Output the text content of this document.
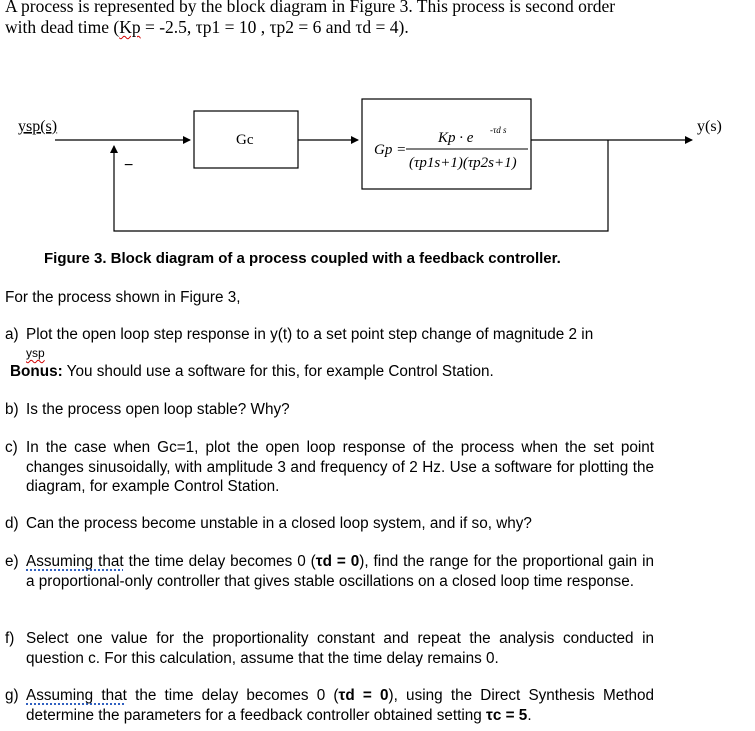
A process is represented by the block diagram in Figure 3. This process is second order
with dead time (Kp = -2.5, τp1 = 10 , τp2 = 6 and τd = 4).
ysp(s)	y(s)
−
Gc
Gp =
Kp · e -τd s
(τp1s+1)(τp2s+1)
Figure 3. Block diagram of a process coupled with a feedback controller.
For the process shown in Figure 3,
a) Plot the open loop step response in y(t) to a set point step change of magnitude 2 in
ysp
Bonus: You should use a software for this, for example Control Station.
b) Is the process open loop stable? Why?
c) In the case when Gc=1, plot the open loop response of the process when the set point changes sinusoidally, with amplitude 3 and frequency of 2 Hz. Use a software for plotting the diagram, for example Control Station.
d) Can the process become unstable in a closed loop system, and if so, why?
e) Assuming that the time delay becomes 0 (τd = 0), find the range for the proportional gain in a proportional-only controller that gives stable oscillations on a closed loop time response.
f) Select one value for the proportionality constant and repeat the analysis conducted in question c. For this calculation, assume that the time delay remains 0.
g) Assuming that the time delay becomes 0 (τd = 0), using the Direct Synthesis Method determine the parameters for a feedback controller obtained setting τc = 5.
